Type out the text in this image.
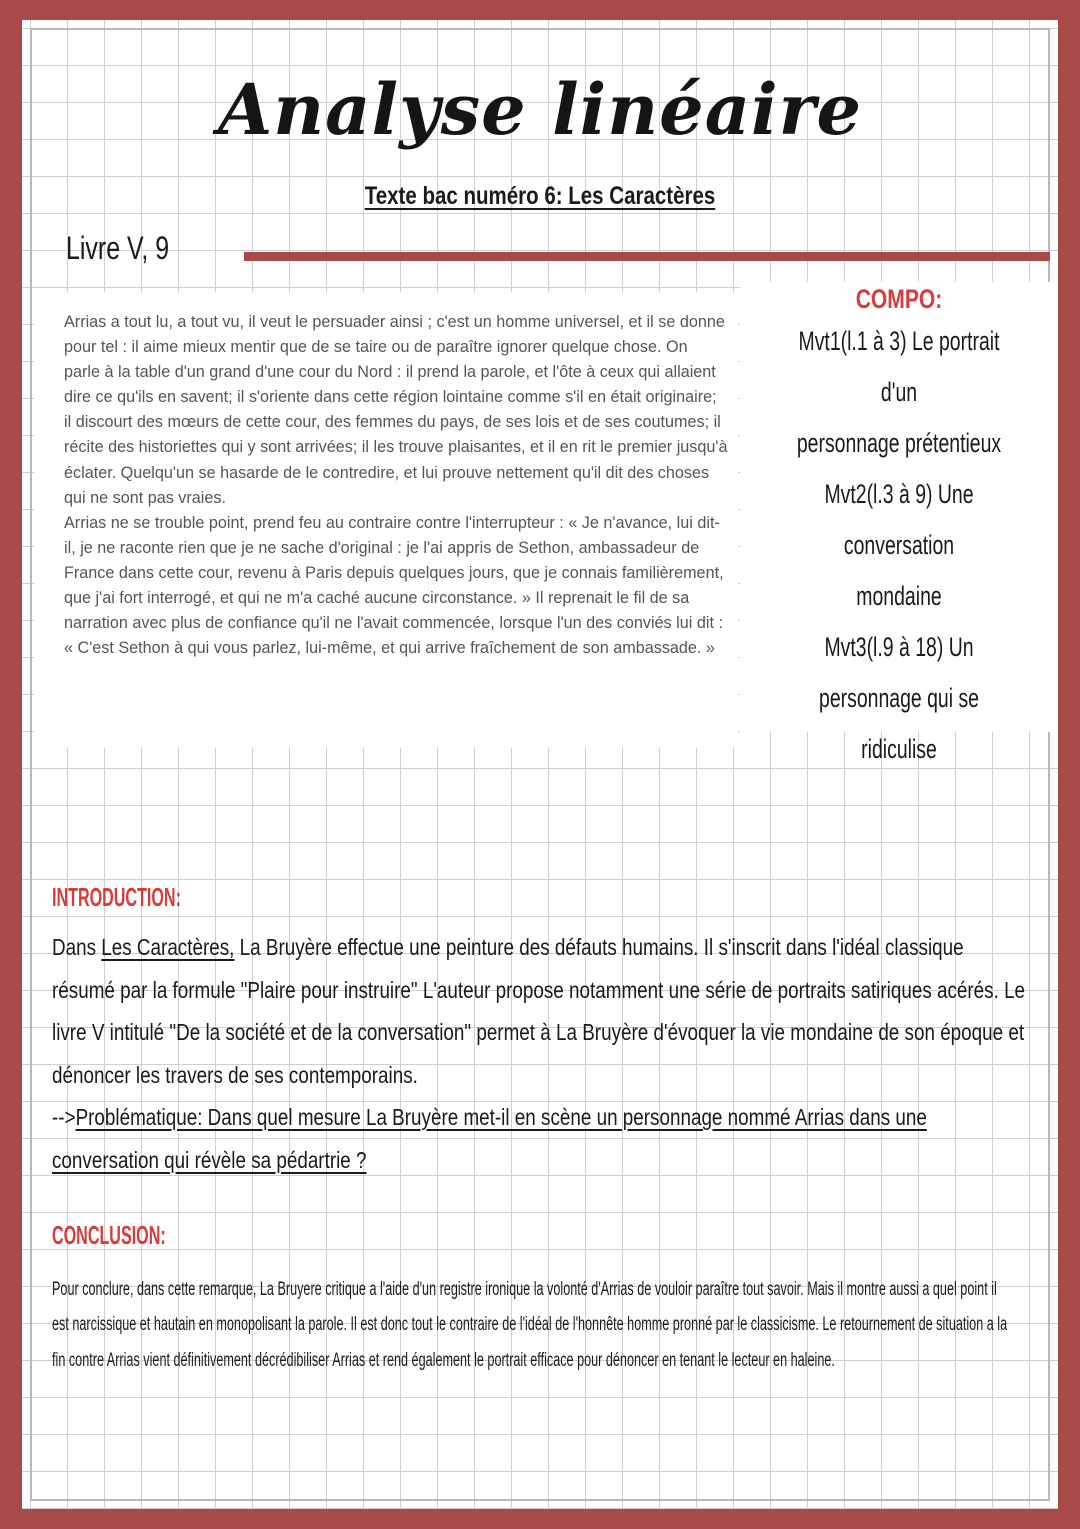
Analyse linéaire
Texte bac numéro 6: Les Caractères
Livre V, 9

Arrias a tout lu, a tout vu, il veut le persuader ainsi ; c'est un homme universel, et il se donne pour tel : il aime mieux mentir que de se taire ou de paraître ignorer quelque chose. On parle à la table d'un grand d'une cour du Nord : il prend la parole, et l'ôte à ceux qui allaient dire ce qu'ils en savent; il s'oriente dans cette région lointaine comme s'il en était originaire; il discourt des mœurs de cette cour, des femmes du pays, de ses lois et de ses coutumes; il récite des historiettes qui y sont arrivées; il les trouve plaisantes, et il en rit le premier jusqu'à éclater. Quelqu'un se hasarde de le contredire, et lui prouve nettement qu'il dit des choses qui ne sont pas vraies.

Arrias ne se trouble point, prend feu au contraire contre l'interrupteur : « Je n'avance, lui dit-il, je ne raconte rien que je ne sache d'original : je l'ai appris de Sethon, ambassadeur de France dans cette cour, revenu à Paris depuis quelques jours, que je connais familièrement, que j'ai fort interrogé, et qui ne m'a caché aucune circonstance. » Il reprenait le fil de sa narration avec plus de confiance qu'il ne l'avait commencée, lorsque l'un des conviés lui dit : « C'est Sethon à qui vous parlez, lui-même, et qui arrive fraîchement de son ambassade. »

COMPO:

Mvt1(l.1 à 3) Le portrait d'un

personnage prétentieux

Mvt2(l.3 à 9) Une conversation

mondaine

Mvt3(l.9 à 18) Un personnage qui se

ridiculise

INTRODUCTION:

Dans Les Caractères, La Bruyère effectue une peinture des défauts humains. Il s'inscrit dans l'idéal classique résumé par la formule "Plaire pour instruire" L'auteur propose notamment une série de portraits satiriques acérés. Le livre V intitulé "De la société et de la conversation" permet à La Bruyère d'évoquer la vie mondaine de son époque et dénoncer les travers de ses contemporains.
-->Problématique: Dans quel mesure La Bruyère met-il en scène un personnage nommé Arrias dans une conversation qui révèle sa pédartrie ?

CONCLUSION:

Pour conclure, dans cette remarque, La Bruyere critique a l'aide d'un registre ironique la volonté d'Arrias de vouloir paraître tout savoir. Mais il montre aussi a quel point il est narcissique et hautain en monopolisant la parole. Il est donc tout le contraire de l'idéal de l'honnête homme pronné par le classicisme. Le retournement de situation a la fin contre Arrias vient définitivement décrédibiliser Arrias et rend également le portrait efficace pour dénoncer en tenant le lecteur en haleine.
